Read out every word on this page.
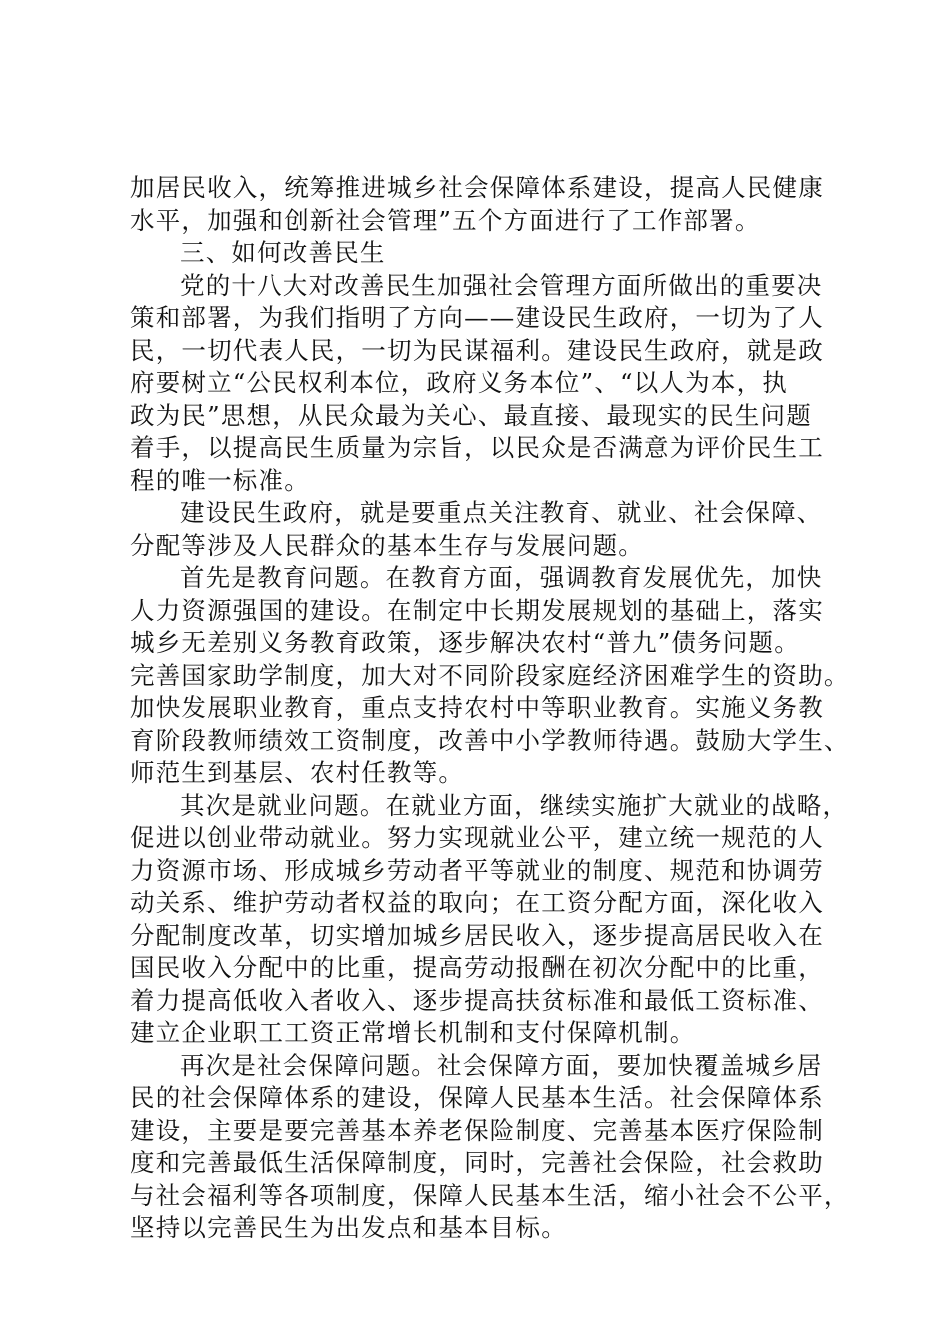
加居民收入，统筹推进城乡社会保障体系建设，提高人民健康
水平，加强和创新社会管理”五个方面进行了工作部署。
三、如何改善民生
党的十八大对改善民生加强社会管理方面所做出的重要决
策和部署，为我们指明了方向——建设民生政府，一切为了人
民，一切代表人民，一切为民谋福利。建设民生政府，就是政
府要树立“公民权利本位，政府义务本位”、“以人为本，执
政为民”思想，从民众最为关心、最直接、最现实的民生问题
着手，以提高民生质量为宗旨，以民众是否满意为评价民生工
程的唯一标准。
建设民生政府，就是要重点关注教育、就业、社会保障、
分配等涉及人民群众的基本生存与发展问题。
首先是教育问题。在教育方面，强调教育发展优先，加快
人力资源强国的建设。在制定中长期发展规划的基础上，落实
城乡无差别义务教育政策，逐步解决农村“普九”债务问题。
完善国家助学制度，加大对不同阶段家庭经济困难学生的资助。
加快发展职业教育，重点支持农村中等职业教育。实施义务教
育阶段教师绩效工资制度，改善中小学教师待遇。鼓励大学生、
师范生到基层、农村任教等。
其次是就业问题。在就业方面，继续实施扩大就业的战略，
促进以创业带动就业。努力实现就业公平，建立统一规范的人
力资源市场、形成城乡劳动者平等就业的制度、规范和协调劳
动关系、维护劳动者权益的取向；在工资分配方面，深化收入
分配制度改革，切实增加城乡居民收入，逐步提高居民收入在
国民收入分配中的比重，提高劳动报酬在初次分配中的比重，
着力提高低收入者收入、逐步提高扶贫标准和最低工资标准、
建立企业职工工资正常增长机制和支付保障机制。
再次是社会保障问题。社会保障方面，要加快覆盖城乡居
民的社会保障体系的建设，保障人民基本生活。社会保障体系
建设，主要是要完善基本养老保险制度、完善基本医疗保险制
度和完善最低生活保障制度，同时，完善社会保险，社会救助
与社会福利等各项制度，保障人民基本生活，缩小社会不公平，
坚持以完善民生为出发点和基本目标。
